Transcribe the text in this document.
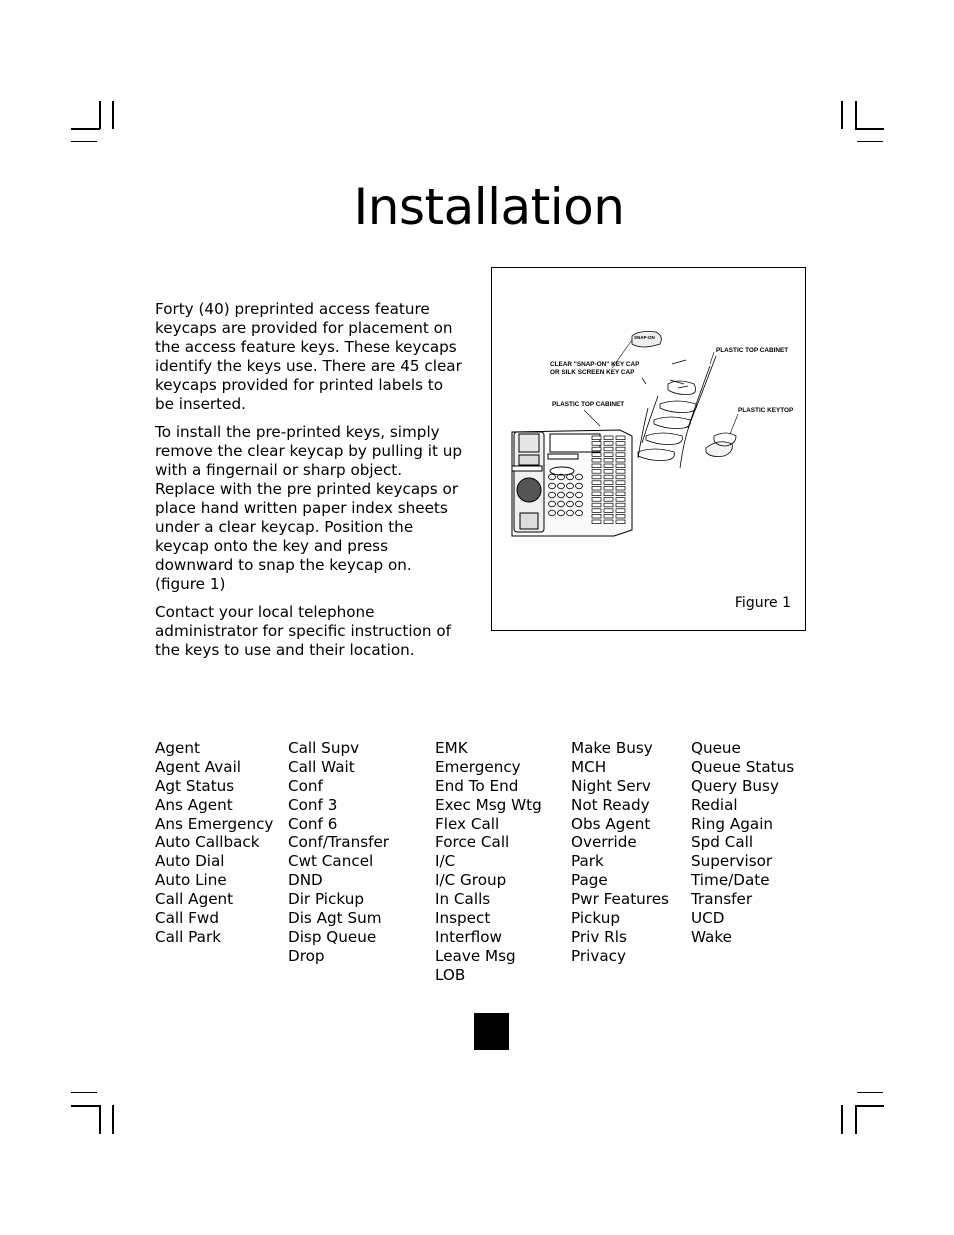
Installation

Forty (40) preprinted access feature keycaps are provided for placement on the access feature keys. These keycaps identify the keys use. There are 45 clear keycaps provided for printed labels to be inserted.

To install the pre-printed keys, simply remove the clear keycap by pulling it up with a fingernail or sharp object. Replace with the pre printed keycaps or place hand written paper index sheets under a clear keycap. Position the keycap onto the key and press downward to snap the keycap on. (figure 1)

Contact your local telephone administrator for specific instruction of the keys to use and their location.

SNAP-ON
CLEAR "SNAP-ON" KEY CAP
OR SILK SCREEN KEY CAP
PLASTIC TOP CABINET
PLASTIC TOP CABINET
PLASTIC KEYTOP
Figure 1
Agent
Agent Avail
Agt Status
Ans Agent
Ans Emergency
Auto Callback
Auto Dial
Auto Line
Call Agent
Call Fwd
Call Park
Call Supv
Call Wait
Conf
Conf 3
Conf 6
Conf/Transfer
Cwt Cancel
DND
Dir Pickup
Dis Agt Sum
Disp Queue
Drop
EMK
Emergency
End To End
Exec Msg Wtg
Flex Call
Force Call
I/C
I/C Group
In Calls
Inspect
Interflow
Leave Msg
LOB
Make Busy
MCH
Night Serv
Not Ready
Obs Agent
Override
Park
Page
Pwr Features
Pickup
Priv Rls
Privacy
Queue
Queue Status
Query Busy
Redial
Ring Again
Spd Call
Supervisor
Time/Date
Transfer
UCD
Wake
